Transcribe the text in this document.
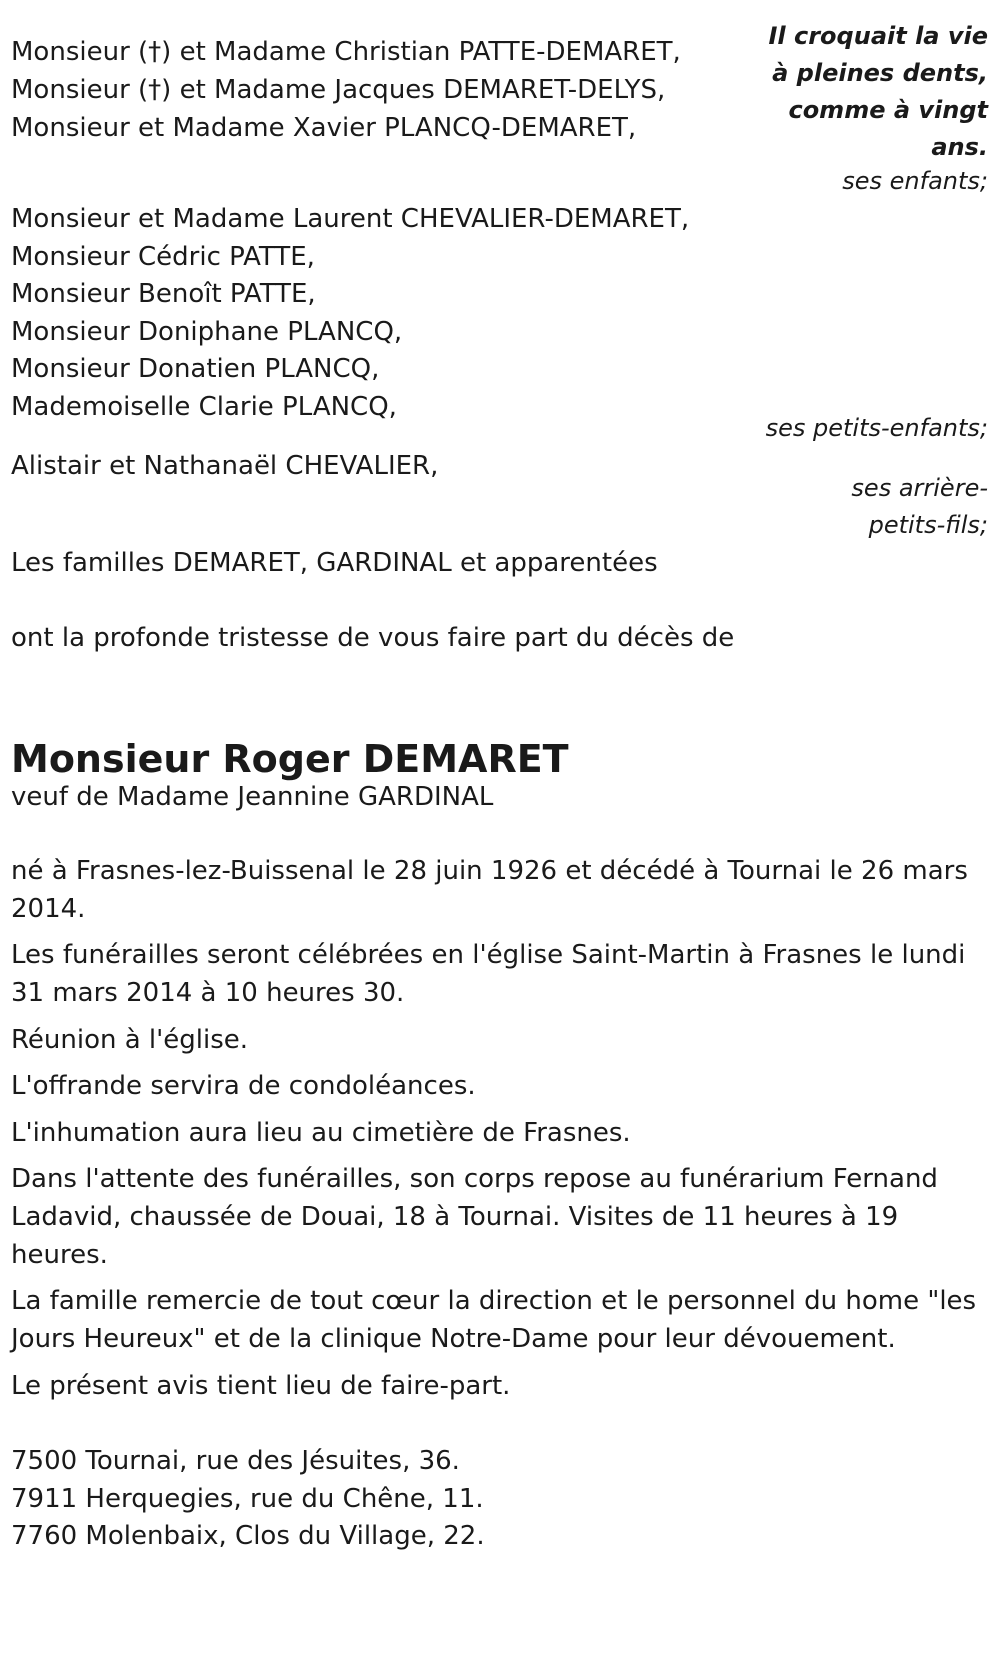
Il croquait la vie à pleines dents, comme à vingt ans.

Monsieur (†) et Madame Christian PATTE-DEMARET,

Monsieur (†) et Madame Jacques DEMARET-DELYS,

Monsieur et Madame Xavier PLANCQ-DEMARET,

ses enfants;

Monsieur et Madame Laurent CHEVALIER-DEMARET,

Monsieur Cédric PATTE,

Monsieur Benoît PATTE,

Monsieur Doniphane PLANCQ,

Monsieur Donatien PLANCQ,

Mademoiselle Clarie PLANCQ,

ses petits-enfants;

Alistair et Nathanaël CHEVALIER,

ses arrière-petits-fils;

Les familles DEMARET, GARDINAL et apparentées

ont la profonde tristesse de vous faire part du décès de

Monsieur Roger DEMARET

veuf de Madame Jeannine GARDINAL

né à Frasnes-lez-Buissenal le 28 juin 1926 et décédé à Tournai le 26 mars 2014.

Les funérailles seront célébrées en l'église Saint-Martin à Frasnes le lundi 31 mars 2014 à 10 heures 30.

Réunion à l'église.

L'offrande servira de condoléances.

L'inhumation aura lieu au cimetière de Frasnes.

Dans l'attente des funérailles, son corps repose au funérarium Fernand Ladavid, chaussée de Douai, 18 à Tournai. Visites de 11 heures à 19 heures.

La famille remercie de tout cœur la direction et le personnel du home "les Jours Heureux" et de la clinique Notre-Dame pour leur dévouement.

Le présent avis tient lieu de faire-part.

7500 Tournai, rue des Jésuites, 36.

7911 Herquegies, rue du Chêne, 11.

7760 Molenbaix, Clos du Village, 22.
